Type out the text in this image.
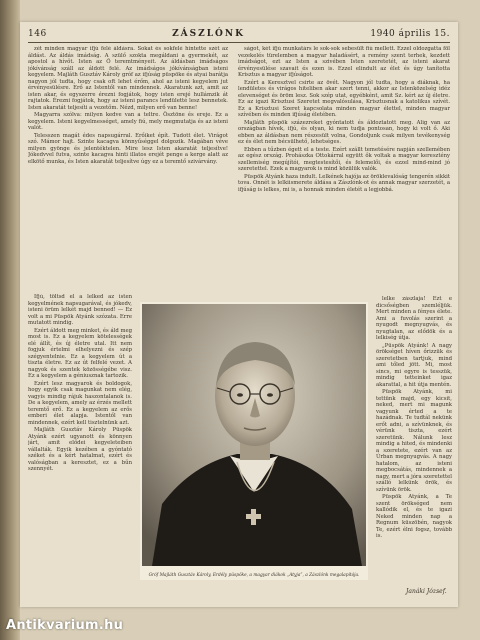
146	ZÁSZLÓNK	1940 április 15.

zét minden magyar ifjú felé áldásra. Sokat és sokfelé hintette szét az áldást. Az áldás imádság. A szülő szokta megáldani a gyermekét, az apostol a hívőt. Isten az Ő teremtményeit. Az áldásban imádságos jókívánság száll az áldott felé. Az imádságos jókívánságban isteni kegyelem. Majláth Gusztáv Károly gróf az ifjúság püspöke és atyai barátja nagyon jól tudta, hogy csak oft lehet érőm, ahol az isteni kegyelem jut érvényesülésre. Erő az Istentől van mindennek. Akaratunk azt, amit az isten akar, és egyszerre érezni fogjátok, hogy isten erejé hullámzik át rajtatok. Érezni fogjátok, hogy az isteni parancs lendületté lesz bennetek. Isten akaratát teljesíti a vezetőm. Nézd, milyen erő van benne!

Magyarra szólva: milyen kedve van a teltre. Ösztöne és ereje. Ez a kegyelem. Isteni kegyelmességet, amely fiú, mely megmutatja és az isteni valót.

Telesszen magát édes napsugárral. Erőiket épít. Tudott élet. Virágot szó. Mámor hajt. Szinte kacagva könnyűséggel dolgozik. Magában véve milyen gyönge és jelentéktelen. Mire lesz Isten akaratát teljesítve! Jókedvvel futva, szinte kacagva hinti illatos erejét penge a kerge alatt az elkötő munka, és Isten akaratát teljesítve úgy ez a teremtő szivárvány.

ságot, két ifjú munkatárs le sok-sok sebesült fiú mellett. Ezzel oldozgatta föl vezekelés türelemben a magyar haladásért, a remény szent terhek, kezdett imádságot, ezt az Isten a szivében Isten szeretetét, az isteni akarat érvényesülése szavait és ezen is. Ezzel elindult az élet és úgy tanította Krisztus a magyar ifjúságot.

Ezért a Keresztvel csirte az övét. Nagyon jól tudta, hogy a diáknak, ha lendületes és virágos hiteliben akar szert tenni, akkor az Istenközelség idéz elevenséget és öröm lesz. Sok szép utat, egyébként, amit Sz. kért az új életre. Ez az igazi Krisztusi Szeretet megvalósulása, Krisztusnak a katolikus szívét. Ez a Krisztusi Szeret kapcsolata minden magyar élettel, minden magyar szívében és minden ifjúság életében.

Majláth püspök százezreket gyóntatott és áldoztatott meg. Alig van az országban hívek, ifjú, és olyan, ki nem tudja pontosan, hogy ki volt ő. Aki ebben az áldásban nem részesült volna, Gondoljunk csak milyen tevékenység ez és élet nem bécsülhető, lehetséges.

Ebben a tűzben égett el a teste. Ezért szállt temetésére napján szellemében az egész ország. Prohászka Ottokárral együtt ők voltak a magyar keresztény szellemiség megújítói, megtestesítői, és felemelői, és ezzel mind-mind jó szeretettel. Ezek a magyarok is mind közülük valók.

Püspök Atyánk haza indult. Lelkének hajója az öröklevalóság tengerén sikkit tova. Onnét is lelkiismerete áldása a Zászlónk-ot és annak magyar szerzetét, a ifjúság is lelkes, mi is, a honnak minden életét a legjobbá.

Ifjú, töltsd el a lelked az isten kegyelmének napsugarával, és jókedv, isteni örüm lelkét majd benned! — Ez volt a mi Püspök Atyánk szózata. Erre mutatott mindig.

Ezért áldott meg minket, és áld meg most is. Ez a kegyelem kötelességek elé állít, és új életre utal. Itt nem fogjuk értelmi elhelyezni és szép szégyentelnie. Ez a kegyelem út a tiszta életre. Ez az út felfelé vezet. A nagyok és szentek közösségébe visz. Ez a kegyelem a géniusznak tartozik.

Ezért lesz magyarok és boldogok, hogy egyik csak magunkat nem elég, vagyis mindig rájuk haszontalanok is. De a kegyelem, amely az érzés mellett teremtő erő. Ez a kegyelem az erős emberi élet alapja. Istentől van mindennek, ezért kell tisztelnünk azt.

Majláth Gusztáv Károly Püspök Atyánk ezért ugyanott és könnyen járt, amit elődei kegyeleteiben vállalták. Egyik kezében a gyóntató széket és a kért hatalmat, ezért és valóságban a keresztet, ez a bűn szennyét.

lelke zászlaja! Ezt e dicsőségben szemléljük. Mert minden a fényes élete. Ami a fuvolás szerint a nyugodt megnyugvás, és nyugtalan, az elődök és a lelkiség útja.

„Püspök Atyánk! A nagy örökséget híven őrizzük és szeretetben tartjuk, mind ami tőled jött. Mi, most sincs, mi egyre is tesszük, mindig tetteinket igaz akarattal, a hit útja mentén.

Püspök Atyánk, mi tettünk majd, egy kicsit, neked, mert mi magunk vagyunk érted a te hazádnak. Te tudtál nekünk erőt adni, a szívünknek, és vérünk tiszta, ezért szeretünk. Nálunk lesz mindig a hited, és mindenki a szeretete, ezért van az Úrban megnyugvás. A nagy hatalom, az isteni megbocsátás, mindennek a nagy, mert a jóra szeretettel szálló lelkünk örök, és szívünk örök.

Püspök Atyánk, a Te szent örökséged nem kallódik el, és te igazi Neked minden nap a Regnum küszöbén, nagyok Te, ezért élni fogsz, tovább is.

Gróf Majláth Gusztáv Károly, Erdély püspöke, a magyar diákok „Atyja”, a Zászlónk megalapítója.
Janáki József.
Antikvarium.hu
